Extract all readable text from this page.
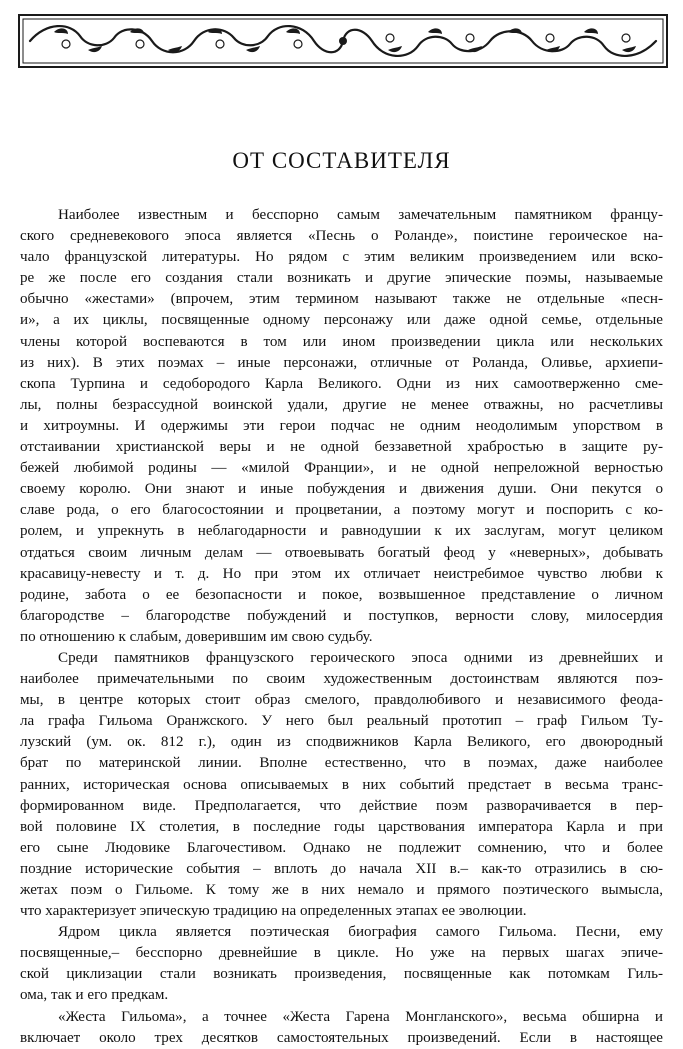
ОТ СОСТАВИТЕЛЯ
Наиболее известным и бесспорно самым замечательным памятником францу-
ского средневекового эпоса является «Песнь о Роланде», поистине героическое на-
чало французской литературы. Но рядом с этим великим произведением или вско-
ре же после его создания стали возникать и другие эпические поэмы, называемые
обычно «жестами» (впрочем, этим термином называют также не отдельные «песн-
и», а их циклы, посвященные одному персонажу или даже одной семье, отдельные
члены которой воспеваются в том или ином произведении цикла или нескольких
из них). В этих поэмах – иные персонажи, отличные от Роланда, Оливье, архиепи-
скопа Турпина и седобородого Карла Великого. Одни из них самоотверженно сме-
лы, полны безрассудной воинской удали, другие не менее отважны, но расчетливы
и хитроумны. И одержимы эти герои подчас не одним неодолимым упорством в
отстаивании христианской веры и не одной беззаветной храбростью в защите ру-
бежей любимой родины — «милой Франции», и не одной непреложной верностью
своему королю. Они знают и иные побуждения и движения души. Они пекутся о
славе рода, о его благосостоянии и процветании, а поэтому могут и поспорить с ко-
ролем, и упрекнуть в неблагодарности и равнодушии к их заслугам, могут целиком
отдаться своим личным делам — отвоевывать богатый феод у «неверных», добывать
красавицу-невесту и т. д. Но при этом их отличает неистребимое чувство любви к
родине, забота о ее безопасности и покое, возвышенное представление о личном
благородстве – благородстве побуждений и поступков, верности слову, милосердия
по отношению к слабым, доверившим им свою судьбу.
Среди памятников французского героического эпоса одними из древнейших и
наиболее примечательными по своим художественным достоинствам являются поэ-
мы, в центре которых стоит образ смелого, правдолюбивого и независимого феода-
ла графа Гильома Оранжского. У него был реальный прототип – граф Гильом Ту-
лузский (ум. ок. 812 г.), один из сподвижников Карла Великого, его двоюродный
брат по материнской линии. Вполне естественно, что в поэмах, даже наиболее
ранних, историческая основа описываемых в них событий предстает в весьма транс-
формированном виде. Предполагается, что действие поэм разворачивается в пер-
вой половине IX столетия, в последние годы царствования императора Карла и при
его сыне Людовике Благочестивом. Однако не подлежит сомнению, что и более
поздние исторические события – вплоть до начала XII в.– как-то отразились в сю-
жетах поэм о Гильоме. К тому же в них немало и прямого поэтического вымысла,
что характеризует эпическую традицию на определенных этапах ее эволюции.
Ядром цикла является поэтическая биография самого Гильома. Песни, ему
посвященные,– бесспорно древнейшие в цикле. Но уже на первых шагах эпиче-
ской циклизации стали возникать произведения, посвященные как потомкам Гиль-
ома, так и его предкам.
«Жеста Гильома», а точнее «Жеста Гарена Монгланского», весьма обширна и
включает около трех десятков самостоятельных произведений. Если в настоящее
